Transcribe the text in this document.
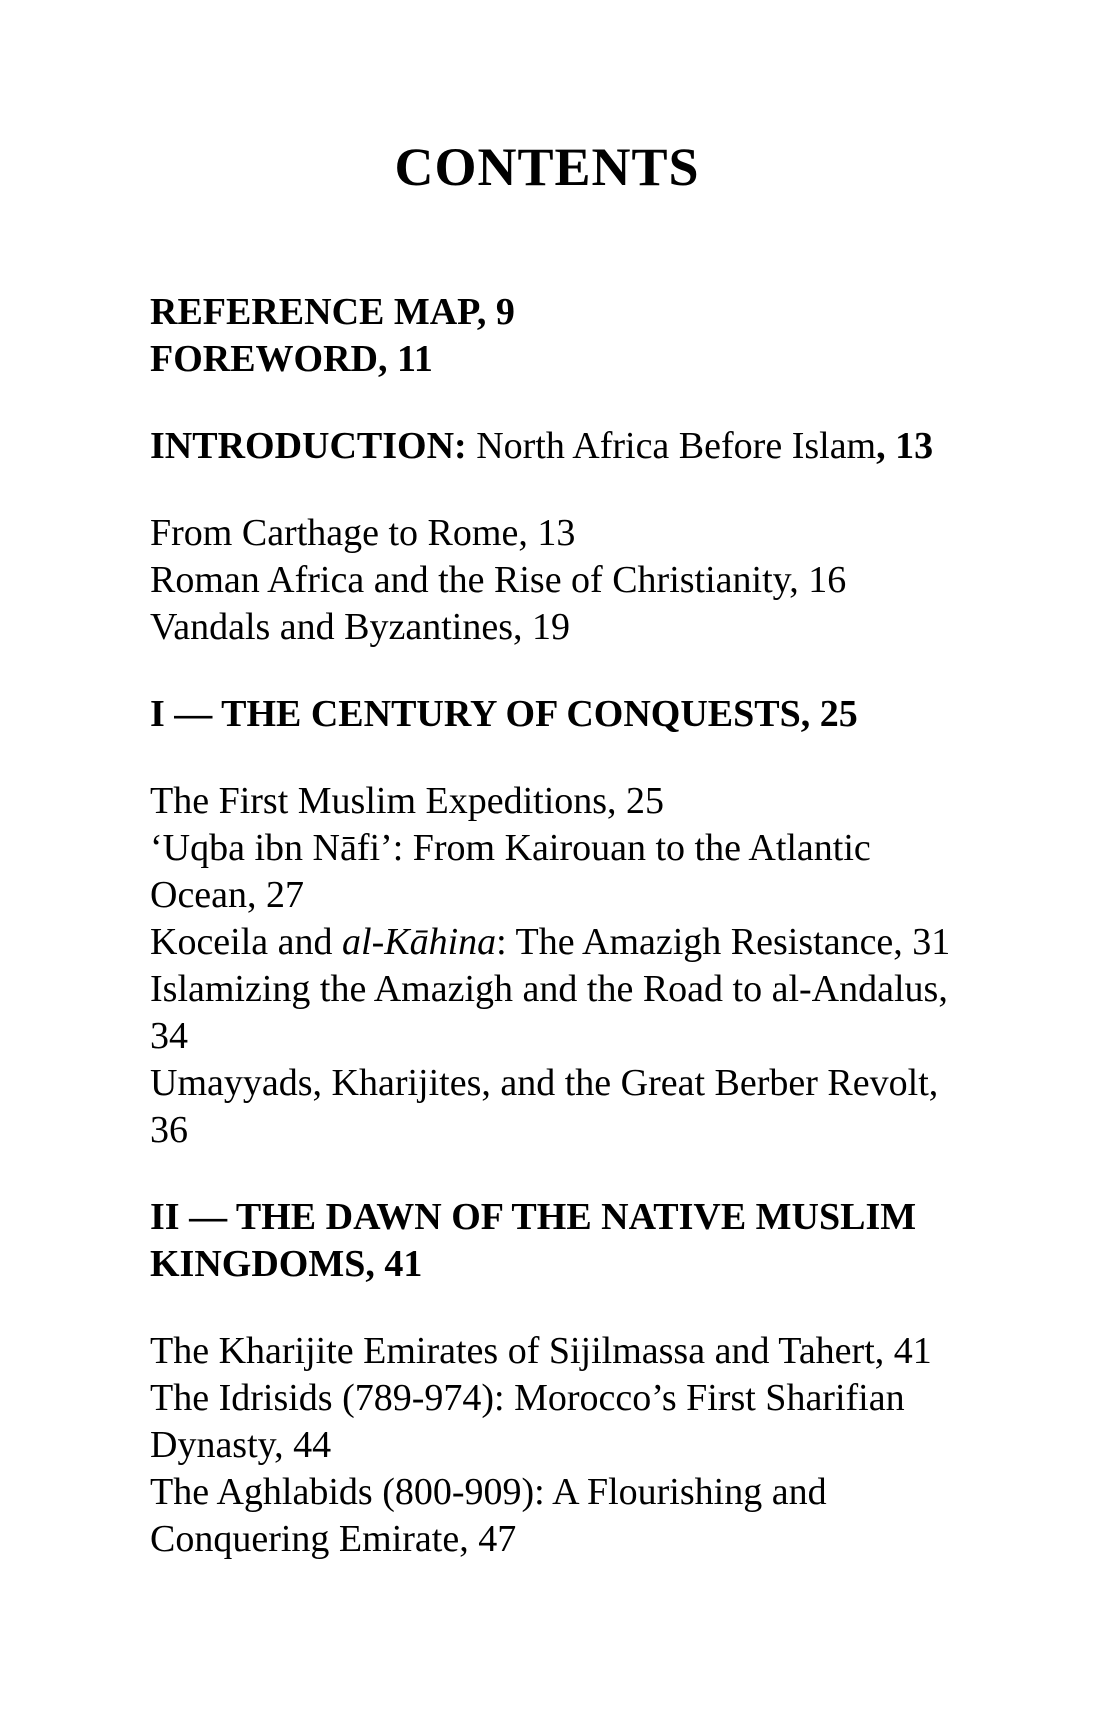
CONTENTS

REFERENCE MAP, 9

FOREWORD, 11

INTRODUCTION: North Africa Before Islam, 13

From Carthage to Rome, 13

Roman Africa and the Rise of Christianity, 16

Vandals and Byzantines, 19

I — THE CENTURY OF CONQUESTS, 25

The First Muslim Expeditions, 25

‘Uqba ibn Nāfi’: From Kairouan to the Atlantic

Ocean, 27

Koceila and al-Kāhina: The Amazigh Resistance, 31

Islamizing the Amazigh and the Road to al-Andalus,

34

Umayyads, Kharijites, and the Great Berber Revolt,

36

II — THE DAWN OF THE NATIVE MUSLIM

KINGDOMS, 41

The Kharijite Emirates of Sijilmassa and Tahert, 41

The Idrisids (789-974): Morocco’s First Sharifian

Dynasty, 44

The Aghlabids (800-909): A Flourishing and

Conquering Emirate, 47
